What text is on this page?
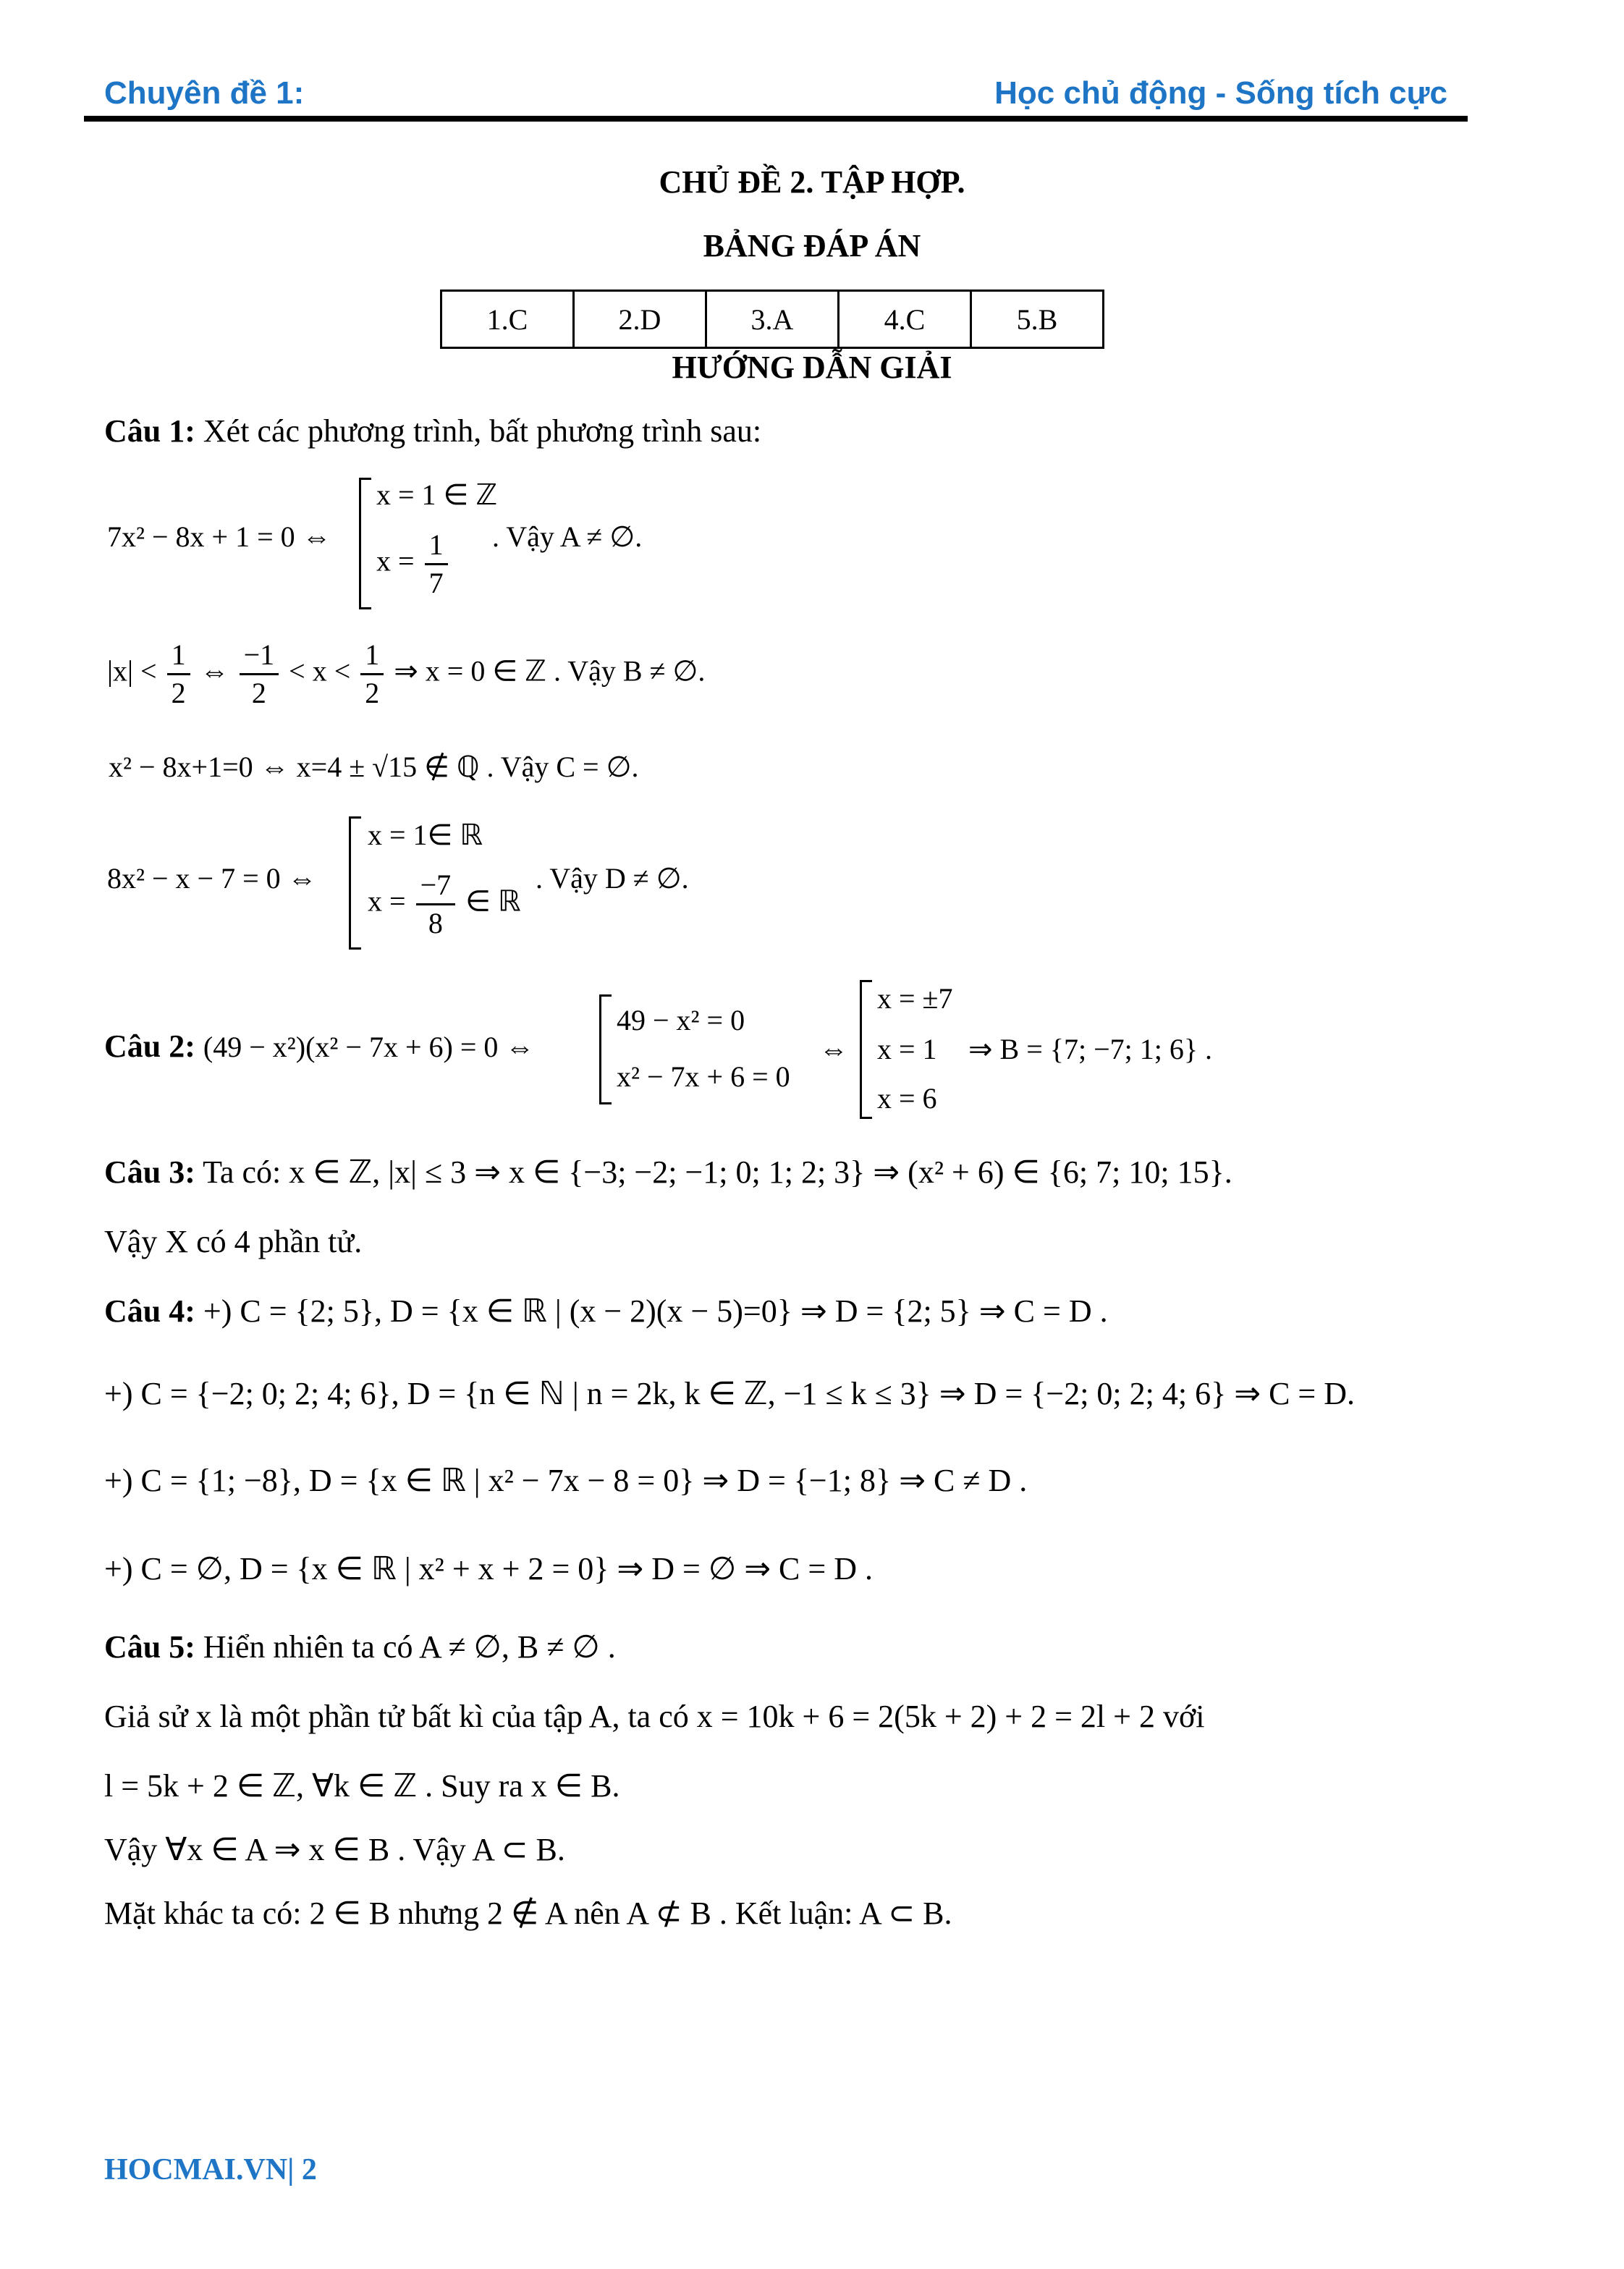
Chuyên đề 1:	Học chủ động - Sống tích cực
CHỦ ĐỀ 2. TẬP HỢP.
BẢNG ĐÁP ÁN
1.C	2.D	3.A	4.C	5.B
HƯỚNG DẪN GIẢI
Câu 1: Xét các phương trình, bất phương trình sau:
7x² − 8x + 1 = 0 ⇔
x = 1 ∈ ℤ
$x = \frac{1}{7}$ . Vậy A ≠ ∅.
$|x| < \frac{1}{2}$ ⇔ $\frac{-1}{2} < x < \frac{1}{2}$ ⇒ x = 0 ∈ ℤ . Vậy B ≠ ∅.
x² − 8x+1=0 ⇔ x=4 ± √15 ∉ ℚ . Vậy C = ∅.
8x² − x − 7 = 0 ⇔
x = 1∈ ℝ
$x = \frac{-7}{8}$ ∈ ℝ
. Vậy D ≠ ∅.
Câu 2: (49 − x²)(x² − 7x + 6) = 0 ⇔
49 − x² = 0
x² − 7x + 6 = 0
⇔
x = ±7
x = 1
x = 6
⇒ B = {7; −7; 1; 6} .
Câu 3: Ta có: x ∈ ℤ, |x| ≤ 3 ⇒ x ∈ {−3; −2; −1; 0; 1; 2; 3} ⇒ (x² + 6) ∈ {6; 7; 10; 15}.
Vậy X có 4 phần tử.
Câu 4: +) C = {2; 5}, D = {x ∈ ℝ | (x − 2)(x − 5)=0} ⇒ D = {2; 5} ⇒ C = D .
+) C = {−2; 0; 2; 4; 6}, D = {n ∈ ℕ | n = 2k, k ∈ ℤ, −1 ≤ k ≤ 3} ⇒ D = {−2; 0; 2; 4; 6} ⇒ C = D.
+) C = {1; −8}, D = {x ∈ ℝ | x² − 7x − 8 = 0} ⇒ D = {−1; 8} ⇒ C ≠ D .
+) C = ∅, D = {x ∈ ℝ | x² + x + 2 = 0} ⇒ D = ∅ ⇒ C = D .
Câu 5: Hiển nhiên ta có A ≠ ∅, B ≠ ∅ .
Giả sử x là một phần tử bất kì của tập A, ta có x = 10k + 6 = 2(5k + 2) + 2 = 2l + 2 với
l = 5k + 2 ∈ ℤ, ∀k ∈ ℤ . Suy ra x ∈ B.
Vậy ∀x ∈ A ⇒ x ∈ B . Vậy A ⊂ B.
Mặt khác ta có: 2 ∈ B nhưng 2 ∉ A nên A ⊄ B . Kết luận: A ⊂ B.
HOCMAI.VN| 2
